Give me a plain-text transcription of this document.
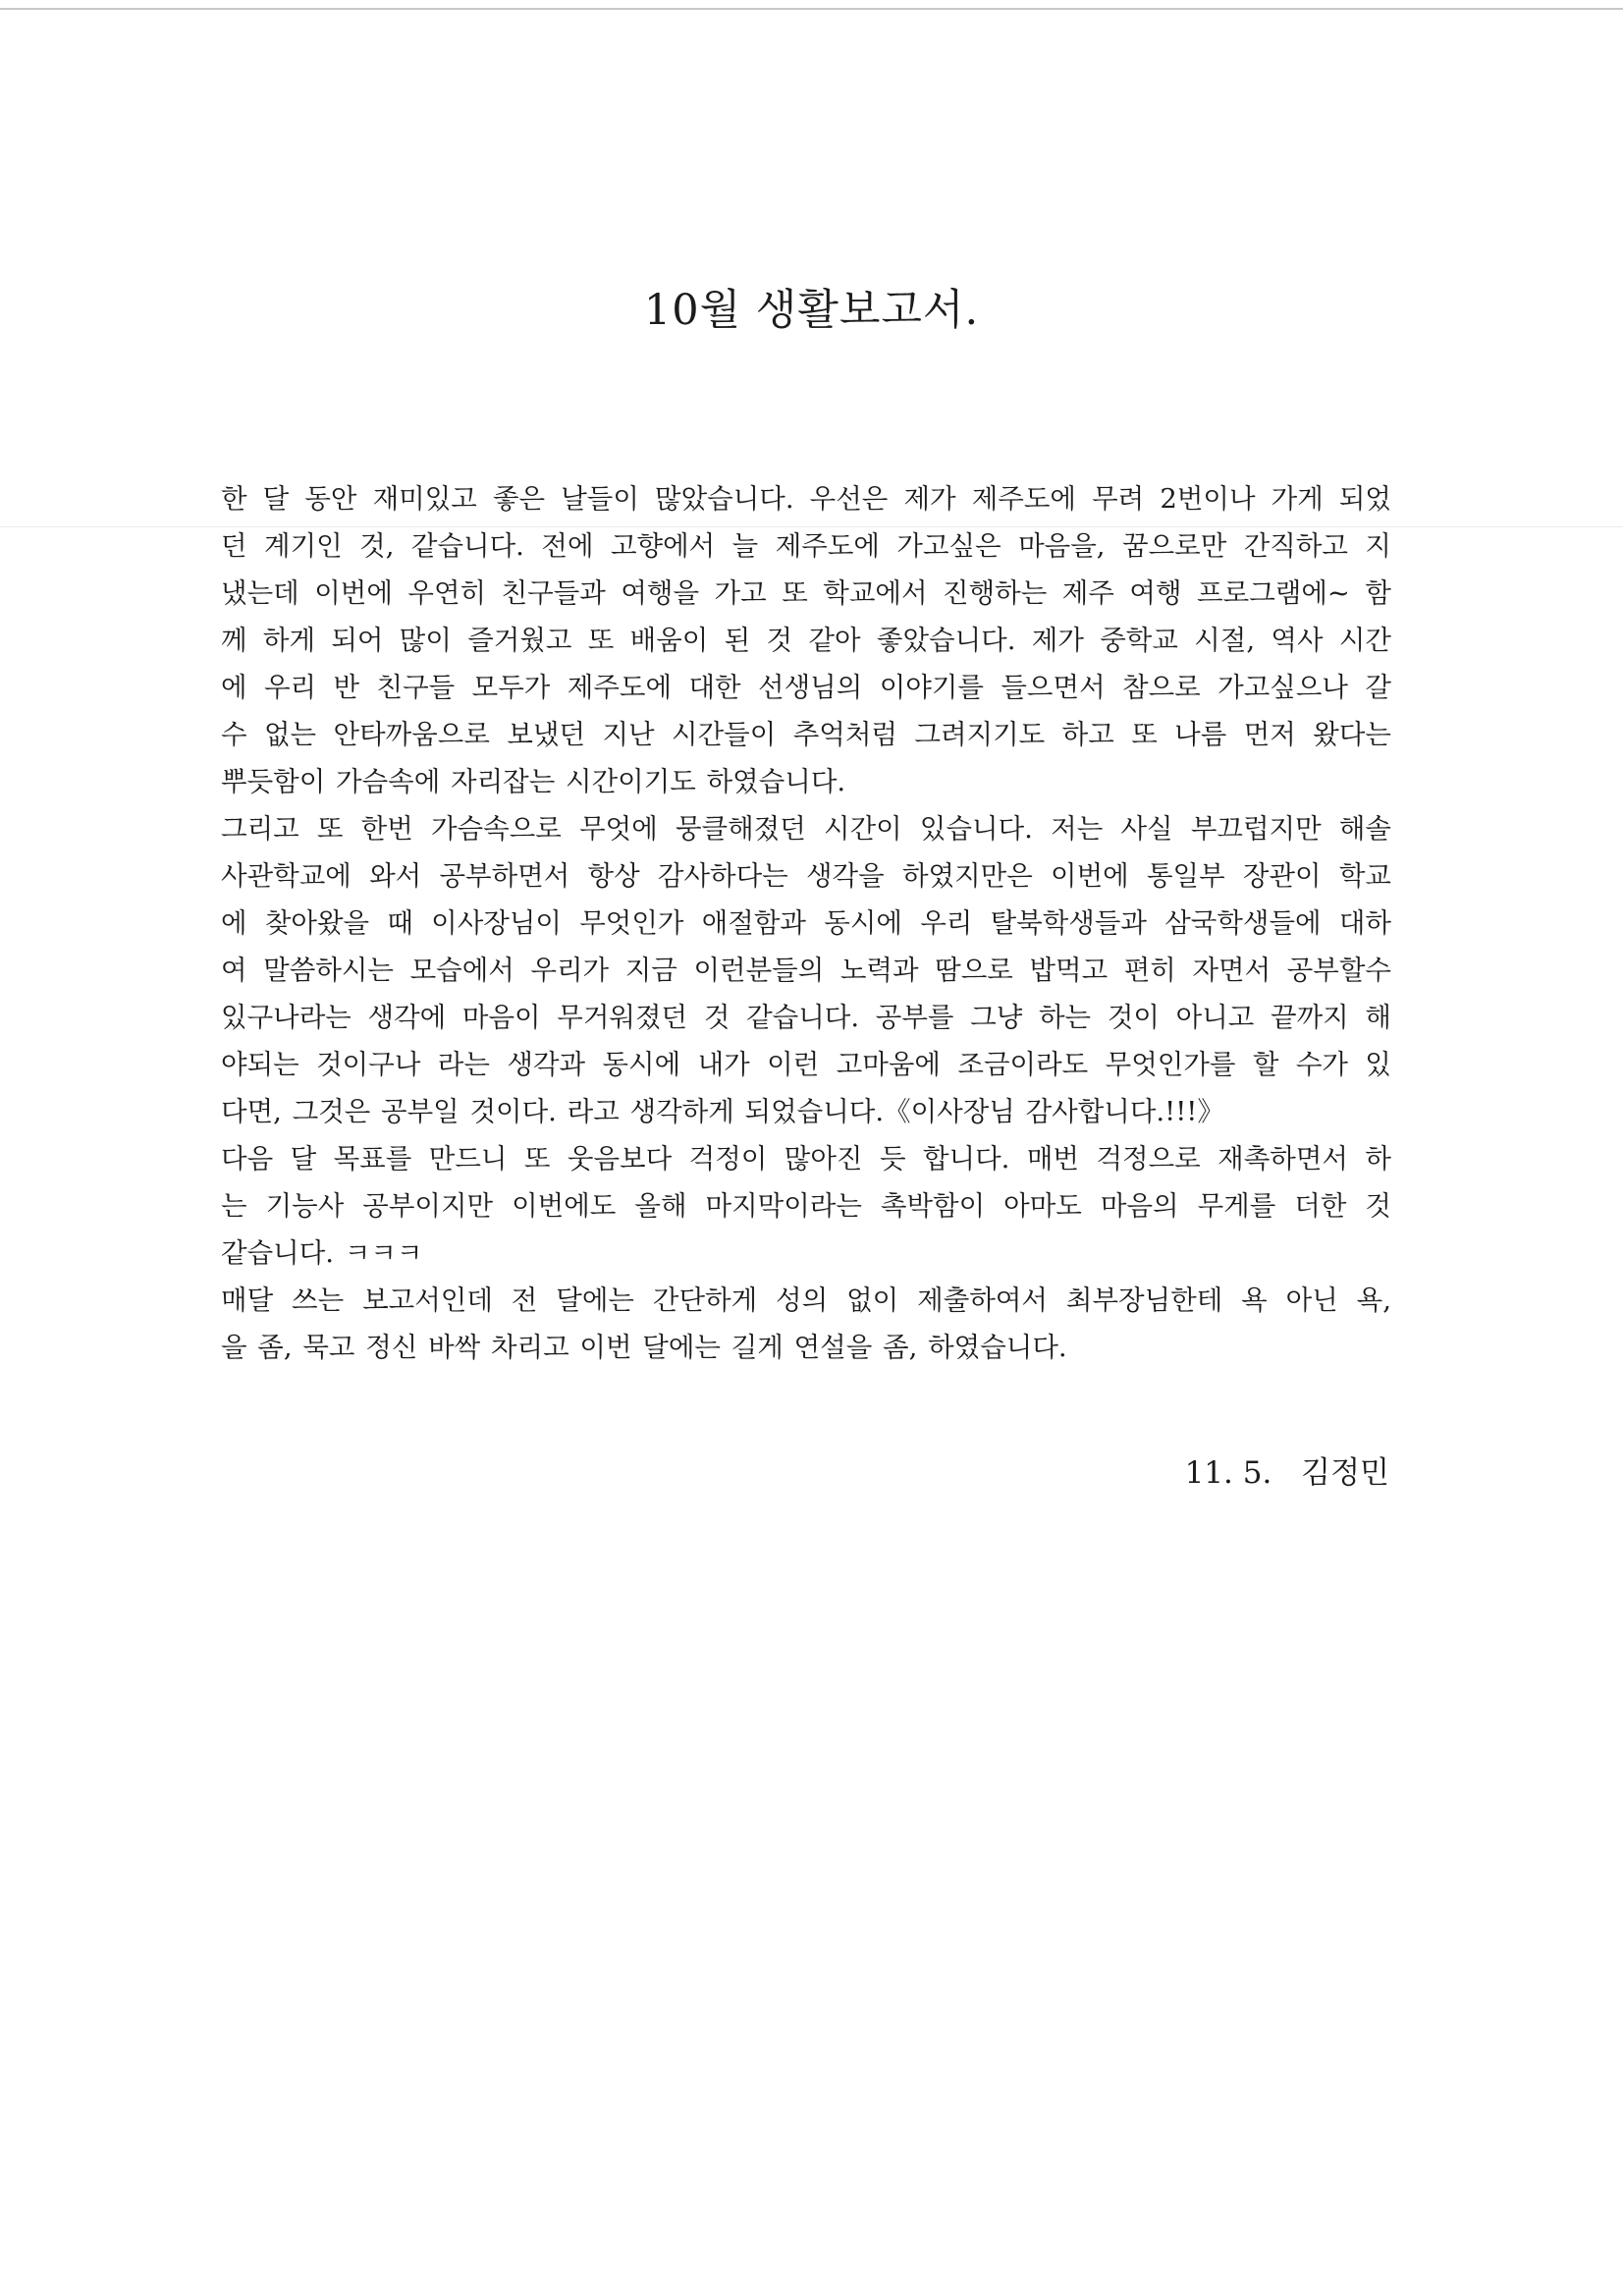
10월 생활보고서.
한 달 동안 재미있고 좋은 날들이 많았습니다. 우선은 제가 제주도에 무려 2번이나 가게 되었
던 계기인 것, 같습니다. 전에 고향에서 늘 제주도에 가고싶은 마음을, 꿈으로만 간직하고 지
냈는데 이번에 우연히 친구들과 여행을 가고 또 학교에서 진행하는 제주 여행 프로그램에~ 함
께 하게 되어 많이 즐거웠고 또 배움이 된 것 같아 좋았습니다. 제가 중학교 시절, 역사 시간
에 우리 반 친구들 모두가 제주도에 대한 선생님의 이야기를 들으면서 참으로 가고싶으나 갈
수 없는 안타까움으로 보냈던 지난 시간들이 추억처럼 그려지기도 하고 또 나름 먼저 왔다는
뿌듯함이 가슴속에 자리잡는 시간이기도 하였습니다.
그리고 또 한번 가슴속으로 무엇에 뭉클해졌던 시간이 있습니다. 저는 사실 부끄럽지만 해솔
사관학교에 와서 공부하면서 항상 감사하다는 생각을 하였지만은 이번에 통일부 장관이 학교
에 찾아왔을 때 이사장님이 무엇인가 애절함과 동시에 우리 탈북학생들과 삼국학생들에 대하
여 말씀하시는 모습에서 우리가 지금 이런분들의 노력과 땀으로 밥먹고 편히 자면서 공부할수
있구나라는 생각에 마음이 무거워졌던 것 같습니다. 공부를 그냥 하는 것이 아니고 끝까지 해
야되는 것이구나 라는 생각과 동시에 내가 이런 고마움에 조금이라도 무엇인가를 할 수가 있
다면, 그것은 공부일 것이다. 라고 생각하게 되었습니다.《이사장님 감사합니다.!!!》
다음 달 목표를 만드니 또 웃음보다 걱정이 많아진 듯 합니다. 매번 걱정으로 재촉하면서 하
는 기능사 공부이지만 이번에도 올해 마지막이라는 촉박함이 아마도 마음의 무게를 더한 것
같습니다. ㅋㅋㅋ
매달 쓰는 보고서인데 전 달에는 간단하게 성의 없이 제출하여서 최부장님한테 욕 아닌 욕,
을 좀, 묵고 정신 바싹 차리고 이번 달에는 길게 연설을 좀, 하였습니다.
11. 5. 김정민
